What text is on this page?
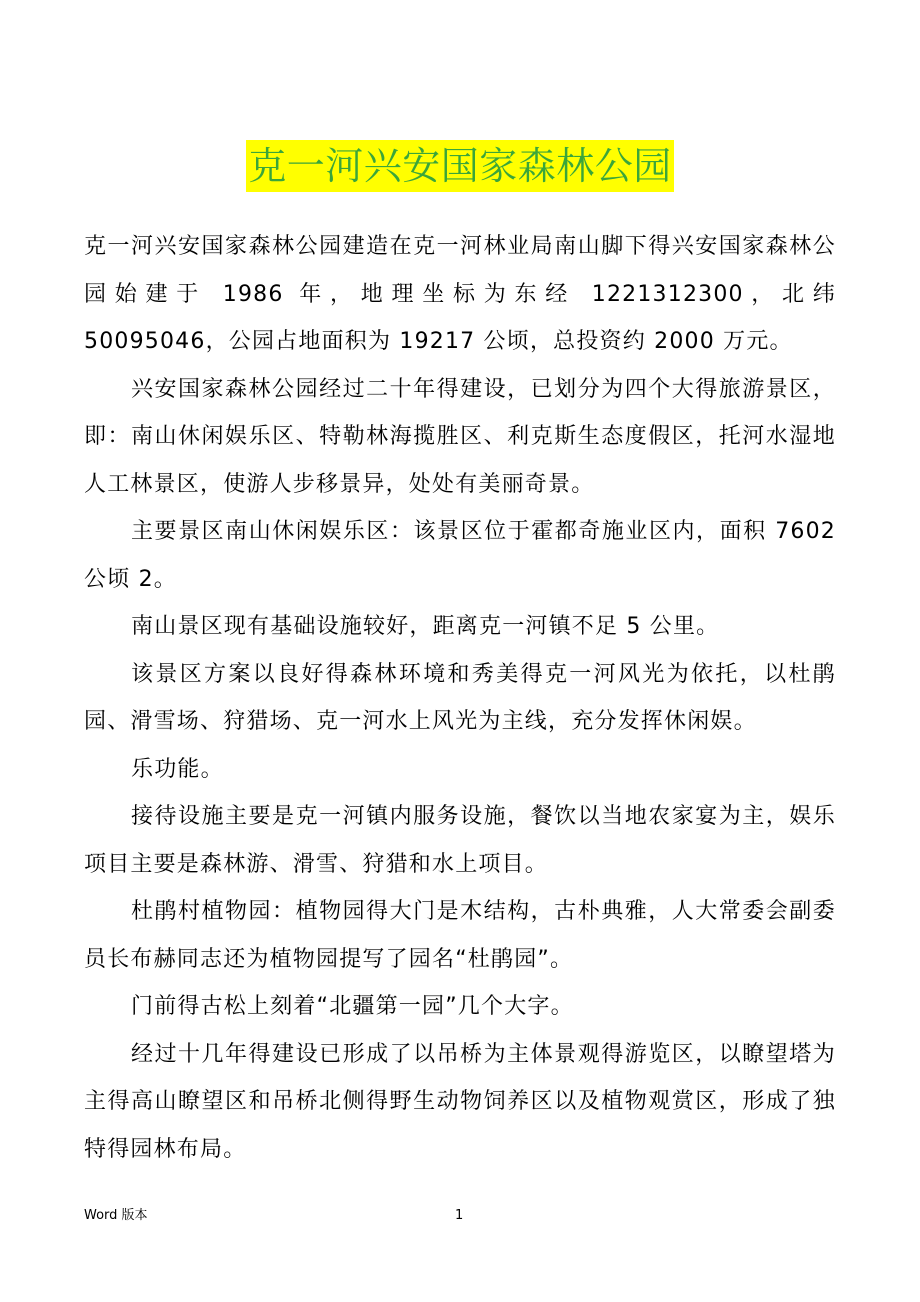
克一河兴安国家森林公园

克一河兴安国家森林公园建造在克一河林业局南山脚下得兴安国家森林公园始建于 1986 年，地理坐标为东经 1221312300，北纬 50095046，公园占地面积为 19217 公顷，总投资约 2000 万元。

兴安国家森林公园经过二十年得建设，已划分为四个大得旅游景区，即：南山休闲娱乐区、特勒林海揽胜区、利克斯生态度假区，托河水湿地人工林景区，使游人步移景异，处处有美丽奇景。

主要景区南山休闲娱乐区：该景区位于霍都奇施业区内，面积 7602 公顷 2。

南山景区现有基础设施较好，距离克一河镇不足 5 公里。

该景区方案以良好得森林环境和秀美得克一河风光为依托，以杜鹃园、滑雪场、狩猎场、克一河水上风光为主线，充分发挥休闲娱。

乐功能。

接待设施主要是克一河镇内服务设施，餐饮以当地农家宴为主，娱乐项目主要是森林游、滑雪、狩猎和水上项目。

杜鹃村植物园：植物园得大门是木结构，古朴典雅，人大常委会副委员长布赫同志还为植物园提写了园名“杜鹃园”。

门前得古松上刻着“北疆第一园”几个大字。

经过十几年得建设已形成了以吊桥为主体景观得游览区，以瞭望塔为主得高山瞭望区和吊桥北侧得野生动物饲养区以及植物观赏区，形成了独特得园林布局。

Word 版本	1
